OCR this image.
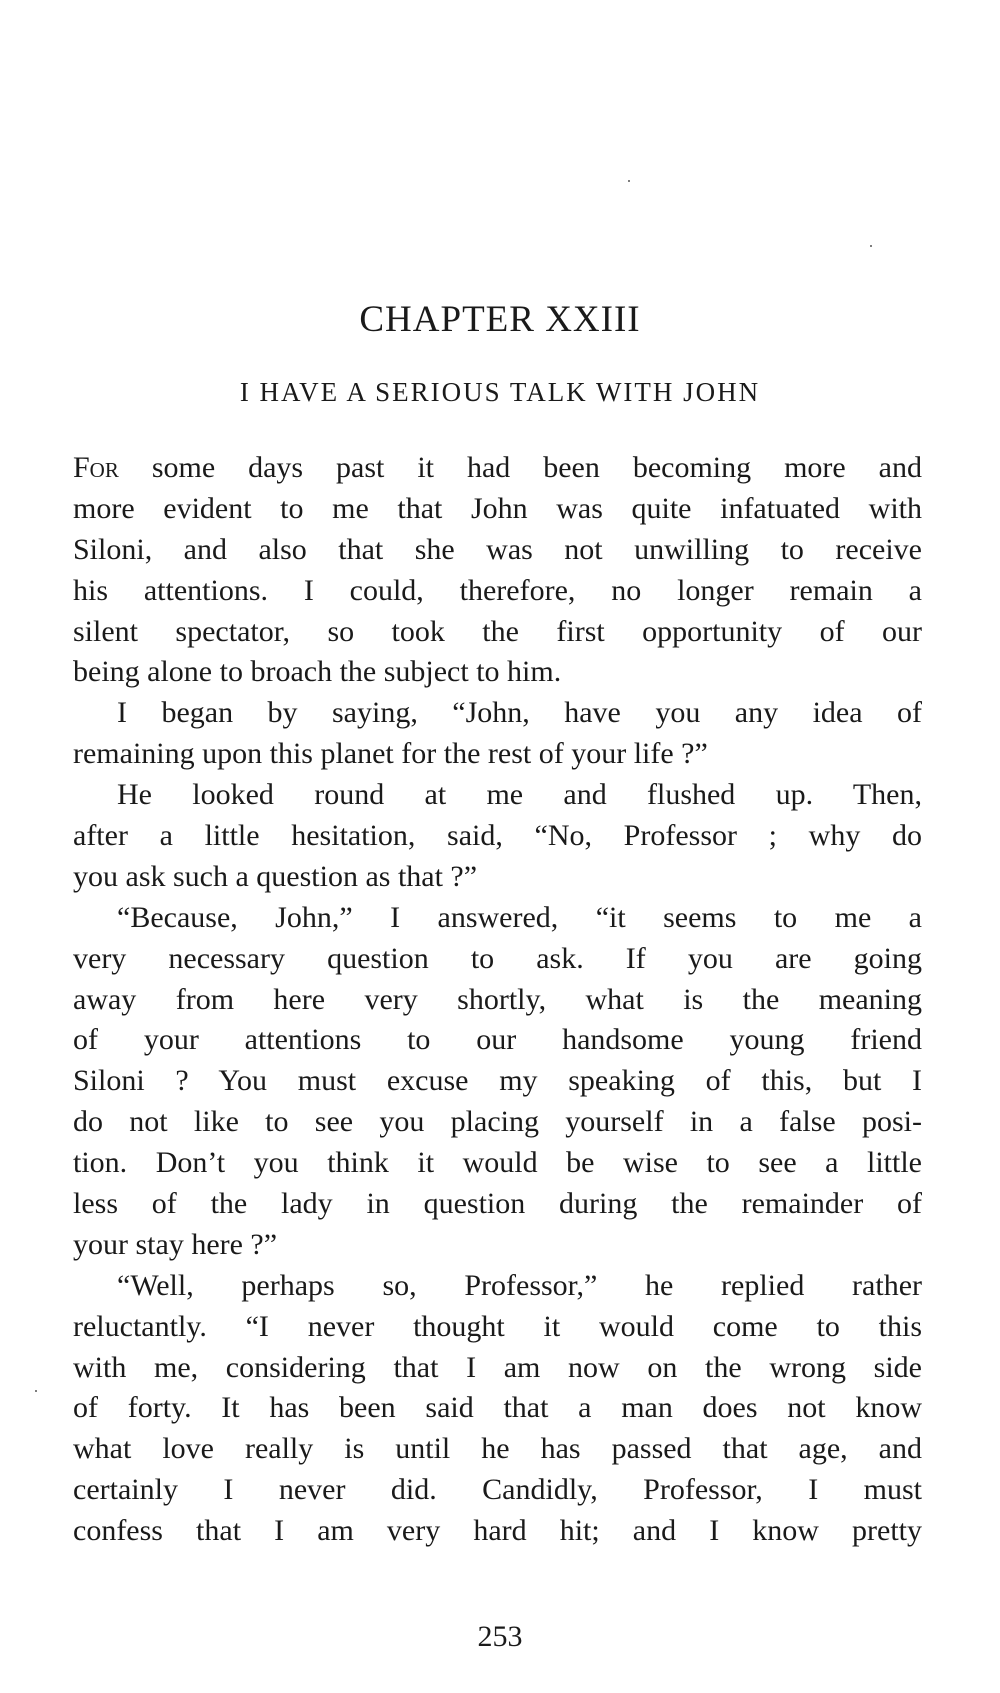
CHAPTER XXIII
I HAVE A SERIOUS TALK WITH JOHN
For some days past it had been becoming more and
more evident to me that John was quite infatuated with
Siloni, and also that she was not unwilling to receive
his attentions. I could, therefore, no longer remain a
silent spectator, so took the first opportunity of our
being alone to broach the subject to him.
I began by saying, “John, have you any idea of
remaining upon this planet for the rest of your life ?”
He looked round at me and flushed up. Then,
after a little hesitation, said, “No, Professor ; why do
you ask such a question as that ?”
“Because, John,” I answered, “it seems to me a
very necessary question to ask. If you are going
away from here very shortly, what is the meaning
of your attentions to our handsome young friend
Siloni ? You must excuse my speaking of this, but I
do not like to see you placing yourself in a false posi-
tion. Don’t you think it would be wise to see a little
less of the lady in question during the remainder of
your stay here ?”
“Well, perhaps so, Professor,” he replied rather
reluctantly. “I never thought it would come to this
with me, considering that I am now on the wrong side
of forty. It has been said that a man does not know
what love really is until he has passed that age, and
certainly I never did. Candidly, Professor, I must
confess that I am very hard hit; and I know pretty
253
